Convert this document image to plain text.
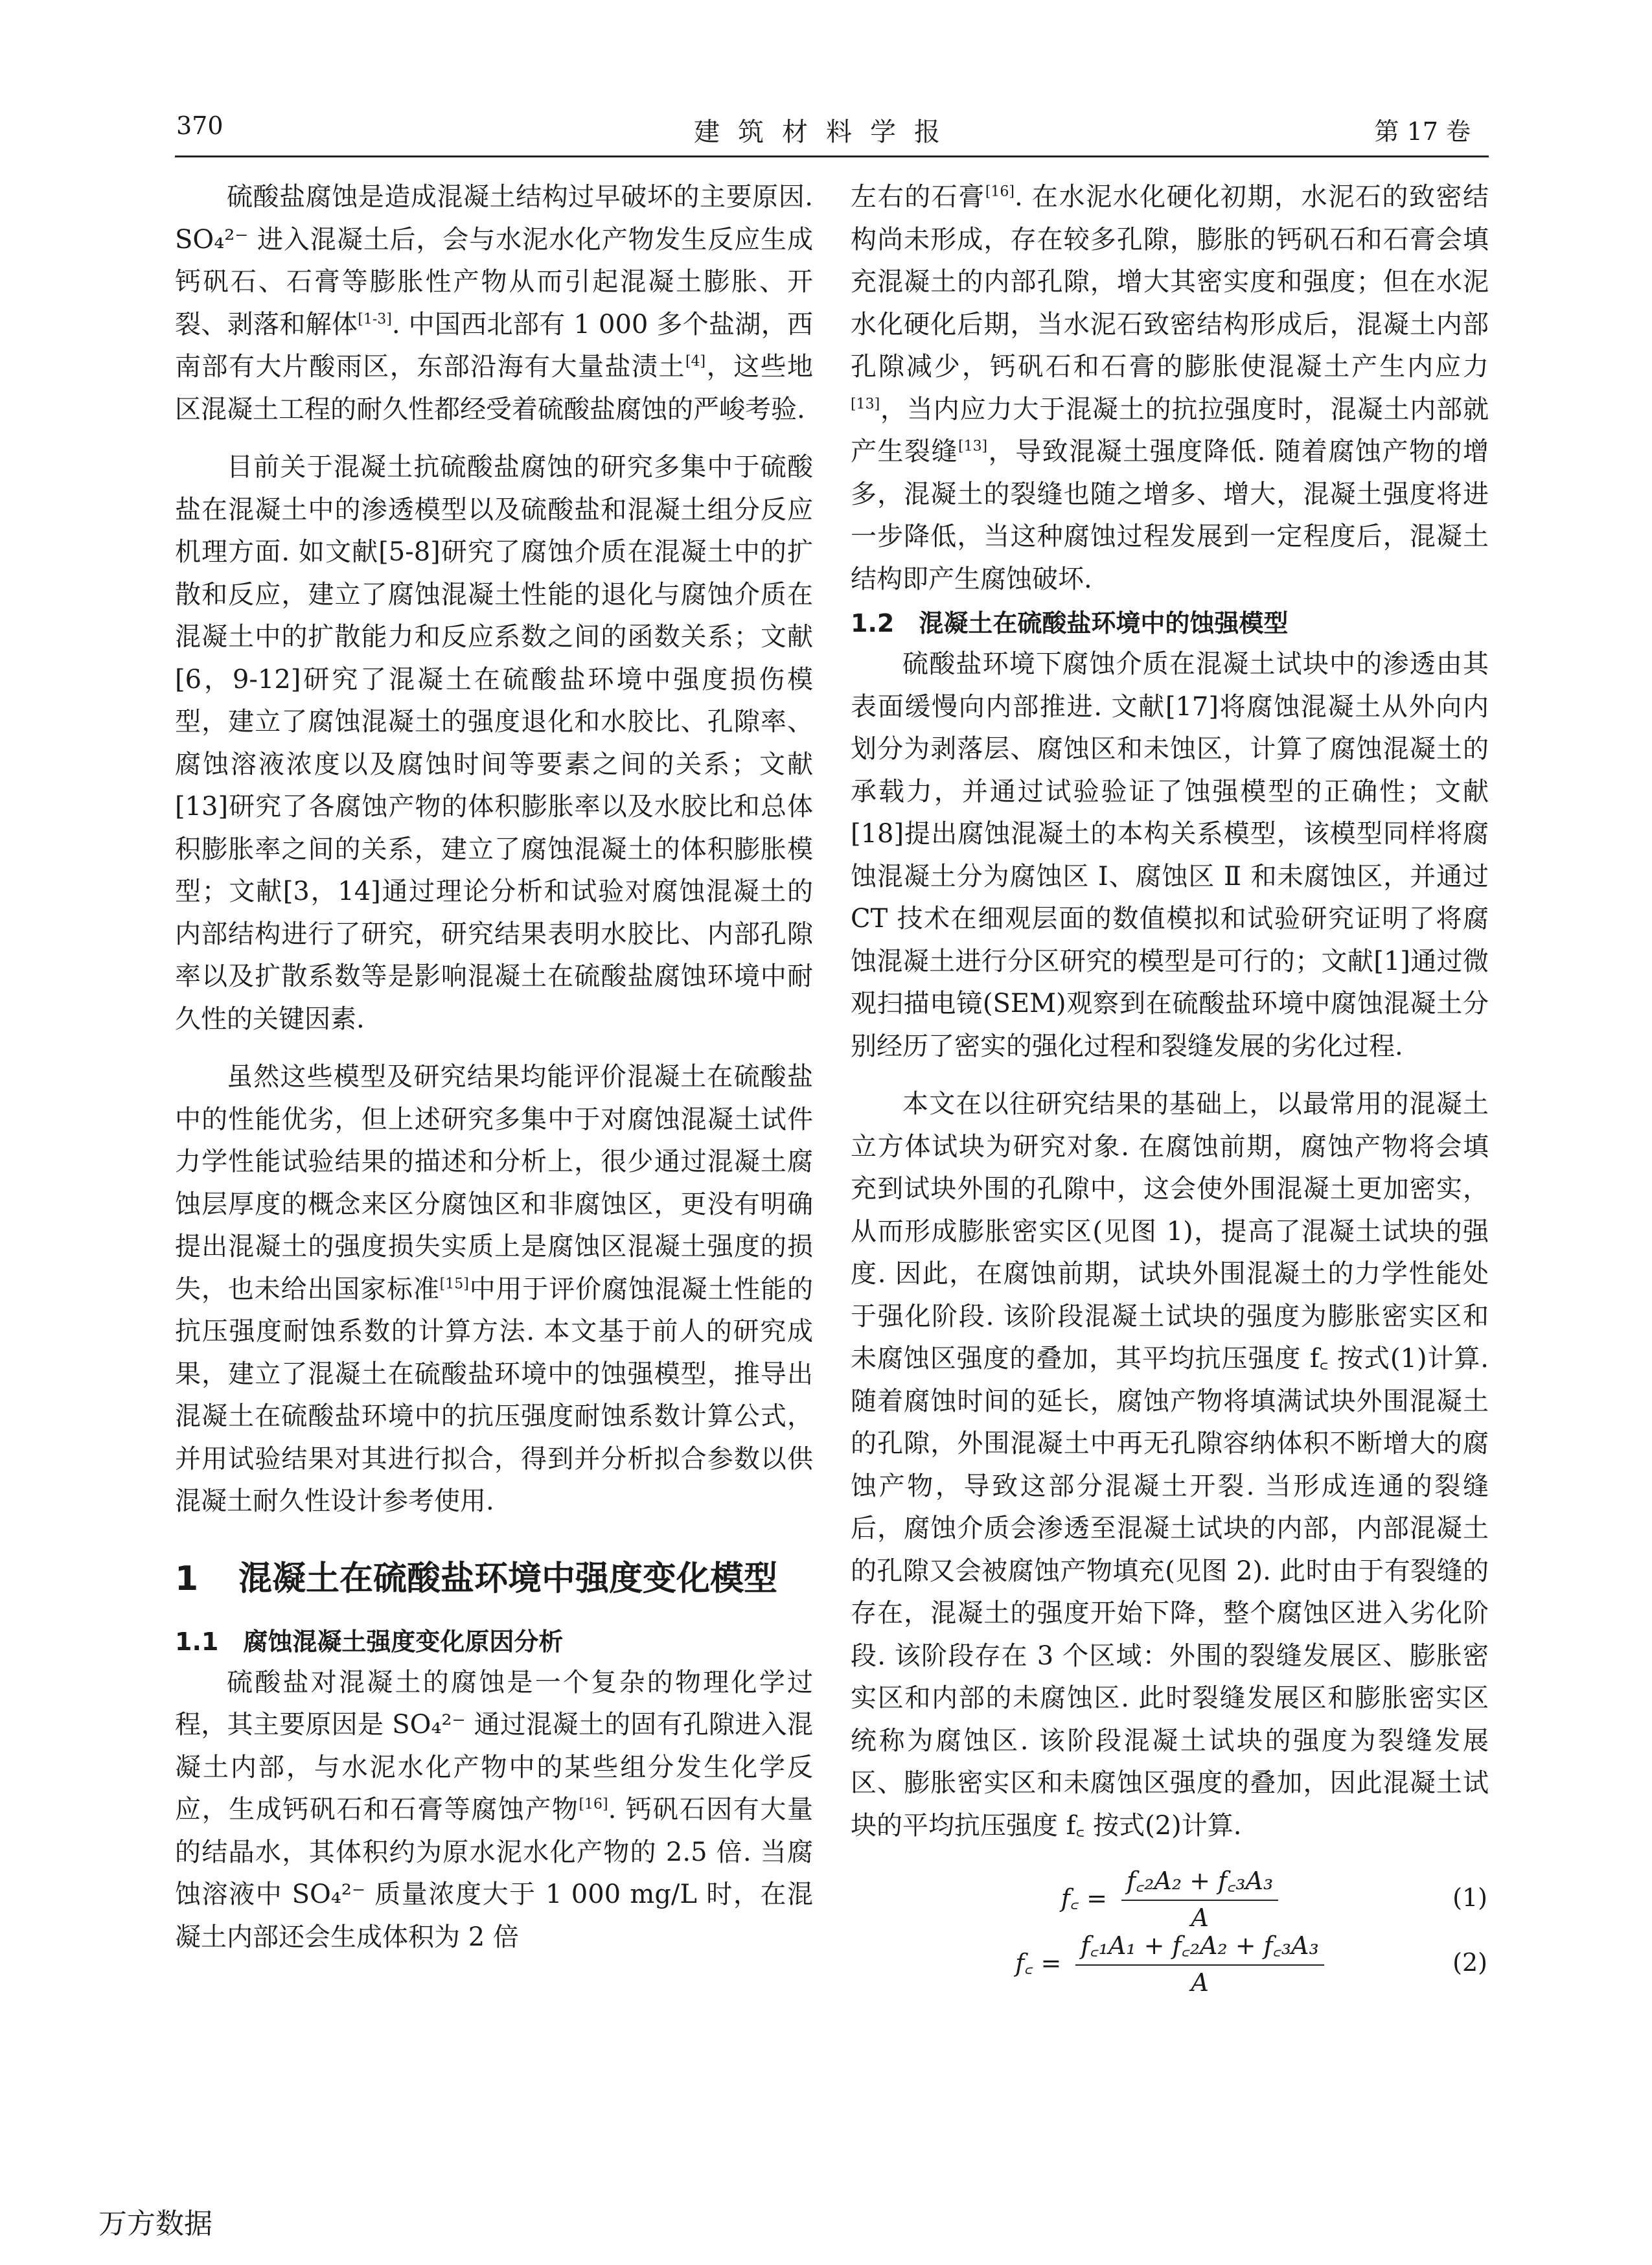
370	建筑材料学报	第 17 卷

硫酸盐腐蚀是造成混凝土结构过早破坏的主要原因. SO₄²⁻ 进入混凝土后，会与水泥水化产物发生反应生成钙矾石、石膏等膨胀性产物从而引起混凝土膨胀、开裂、剥落和解体[1-3]. 中国西北部有 1 000 多个盐湖，西南部有大片酸雨区，东部沿海有大量盐渍土[4]，这些地区混凝土工程的耐久性都经受着硫酸盐腐蚀的严峻考验.

目前关于混凝土抗硫酸盐腐蚀的研究多集中于硫酸盐在混凝土中的渗透模型以及硫酸盐和混凝土组分反应机理方面. 如文献[5-8]研究了腐蚀介质在混凝土中的扩散和反应，建立了腐蚀混凝土性能的退化与腐蚀介质在混凝土中的扩散能力和反应系数之间的函数关系；文献[6，9-12]研究了混凝土在硫酸盐环境中强度损伤模型，建立了腐蚀混凝土的强度退化和水胶比、孔隙率、腐蚀溶液浓度以及腐蚀时间等要素之间的关系；文献[13]研究了各腐蚀产物的体积膨胀率以及水胶比和总体积膨胀率之间的关系，建立了腐蚀混凝土的体积膨胀模型；文献[3，14]通过理论分析和试验对腐蚀混凝土的内部结构进行了研究，研究结果表明水胶比、内部孔隙率以及扩散系数等是影响混凝土在硫酸盐腐蚀环境中耐久性的关键因素.

虽然这些模型及研究结果均能评价混凝土在硫酸盐中的性能优劣，但上述研究多集中于对腐蚀混凝土试件力学性能试验结果的描述和分析上，很少通过混凝土腐蚀层厚度的概念来区分腐蚀区和非腐蚀区，更没有明确提出混凝土的强度损失实质上是腐蚀区混凝土强度的损失，也未给出国家标准[15]中用于评价腐蚀混凝土性能的抗压强度耐蚀系数的计算方法. 本文基于前人的研究成果，建立了混凝土在硫酸盐环境中的蚀强模型，推导出混凝土在硫酸盐环境中的抗压强度耐蚀系数计算公式，并用试验结果对其进行拟合，得到并分析拟合参数以供混凝土耐久性设计参考使用.

1	混凝土在硫酸盐环境中强度变化模型
1.1　腐蚀混凝土强度变化原因分析

硫酸盐对混凝土的腐蚀是一个复杂的物理化学过程，其主要原因是 SO₄²⁻ 通过混凝土的固有孔隙进入混凝土内部，与水泥水化产物中的某些组分发生化学反应，生成钙矾石和石膏等腐蚀产物[16]. 钙矾石因有大量的结晶水，其体积约为原水泥水化产物的 2.5 倍. 当腐蚀溶液中 SO₄²⁻ 质量浓度大于 1 000 mg/L 时，在混凝土内部还会生成体积为 2 倍

左右的石膏[16]. 在水泥水化硬化初期，水泥石的致密结构尚未形成，存在较多孔隙，膨胀的钙矾石和石膏会填充混凝土的内部孔隙，增大其密实度和强度；但在水泥水化硬化后期，当水泥石致密结构形成后，混凝土内部孔隙减少，钙矾石和石膏的膨胀使混凝土产生内应力[13]，当内应力大于混凝土的抗拉强度时，混凝土内部就产生裂缝[13]，导致混凝土强度降低. 随着腐蚀产物的增多，混凝土的裂缝也随之增多、增大，混凝土强度将进一步降低，当这种腐蚀过程发展到一定程度后，混凝土结构即产生腐蚀破坏.

1.2　混凝土在硫酸盐环境中的蚀强模型

硫酸盐环境下腐蚀介质在混凝土试块中的渗透由其表面缓慢向内部推进. 文献[17]将腐蚀混凝土从外向内划分为剥落层、腐蚀区和未蚀区，计算了腐蚀混凝土的承载力，并通过试验验证了蚀强模型的正确性；文献[18]提出腐蚀混凝土的本构关系模型，该模型同样将腐蚀混凝土分为腐蚀区 Ⅰ、腐蚀区 Ⅱ 和未腐蚀区，并通过 CT 技术在细观层面的数值模拟和试验研究证明了将腐蚀混凝土进行分区研究的模型是可行的；文献[1]通过微观扫描电镜(SEM)观察到在硫酸盐环境中腐蚀混凝土分别经历了密实的强化过程和裂缝发展的劣化过程.

本文在以往研究结果的基础上，以最常用的混凝土立方体试块为研究对象. 在腐蚀前期，腐蚀产物将会填充到试块外围的孔隙中，这会使外围混凝土更加密实，从而形成膨胀密实区(见图 1)，提高了混凝土试块的强度. 因此，在腐蚀前期，试块外围混凝土的力学性能处于强化阶段. 该阶段混凝土试块的强度为膨胀密实区和未腐蚀区强度的叠加，其平均抗压强度 f꜀ 按式(1)计算. 随着腐蚀时间的延长，腐蚀产物将填满试块外围混凝土的孔隙，外围混凝土中再无孔隙容纳体积不断增大的腐蚀产物，导致这部分混凝土开裂. 当形成连通的裂缝后，腐蚀介质会渗透至混凝土试块的内部，内部混凝土的孔隙又会被腐蚀产物填充(见图 2). 此时由于有裂缝的存在，混凝土的强度开始下降，整个腐蚀区进入劣化阶段. 该阶段存在 3 个区域：外围的裂缝发展区、膨胀密实区和内部的未腐蚀区. 此时裂缝发展区和膨胀密实区统称为腐蚀区. 该阶段混凝土试块的强度为裂缝发展区、膨胀密实区和未腐蚀区强度的叠加，因此混凝土试块的平均抗压强度 f꜀ 按式(2)计算.

f꜀ = $\frac{\text{f꜀₂A₂ + f꜀₃A₃}}{A}$	(1)
f꜀ = $\frac{\text{f꜀₁A₁ + f꜀₂A₂ + f꜀₃A₃}}{A}$	(2)
万方数据
